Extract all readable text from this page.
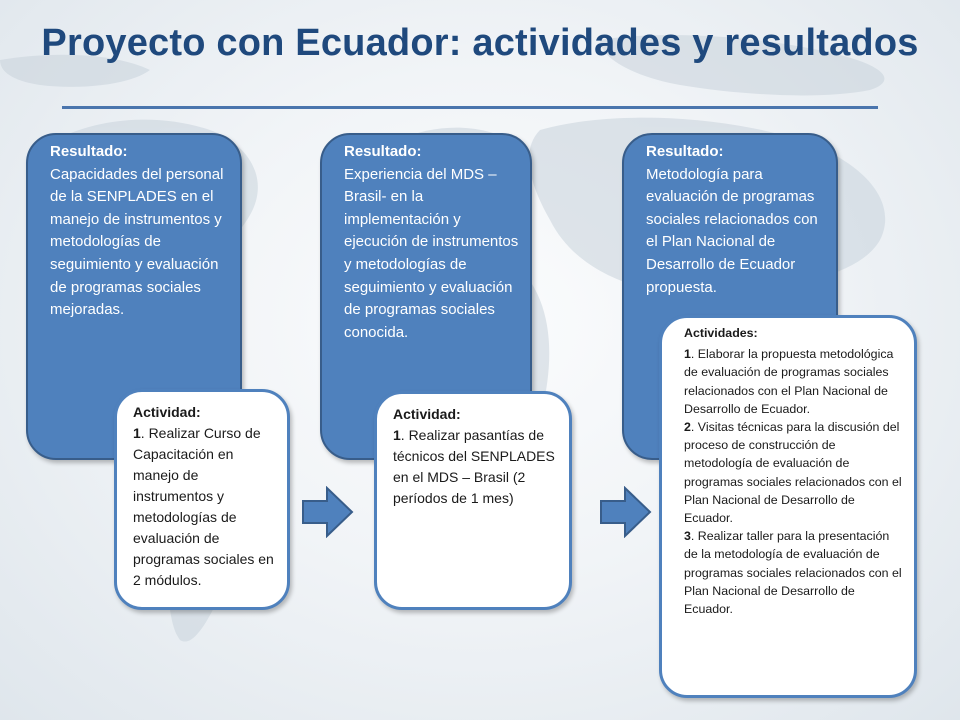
Proyecto con Ecuador: actividades y resultados
Resultado:
Capacidades del personal de la SENPLADES en el manejo de instrumentos y metodologías de seguimiento y evaluación de programas sociales mejoradas.
Actividad:
1. Realizar Curso de Capacitación en manejo de instrumentos y metodologías de evaluación de programas sociales en 2 módulos.
Resultado:
Experiencia del MDS – Brasil- en la implementación y ejecución de instrumentos y metodologías de seguimiento y evaluación de programas sociales conocida.
Actividad:
1. Realizar pasantías de técnicos del SENPLADES en el MDS – Brasil (2 períodos de 1 mes)
Resultado:
Metodología para evaluación de programas sociales relacionados con el Plan Nacional de Desarrollo de Ecuador propuesta.
Actividades:
1. Elaborar la propuesta metodológica de evaluación de programas sociales relacionados con el Plan Nacional de Desarrollo de Ecuador.
2. Visitas técnicas para la discusión del proceso de construcción de metodología de evaluación de programas sociales relacionados con el Plan Nacional de Desarrollo de Ecuador.
3. Realizar taller para la presentación de la metodología de evaluación de programas sociales relacionados con el Plan Nacional de Desarrollo de Ecuador.
